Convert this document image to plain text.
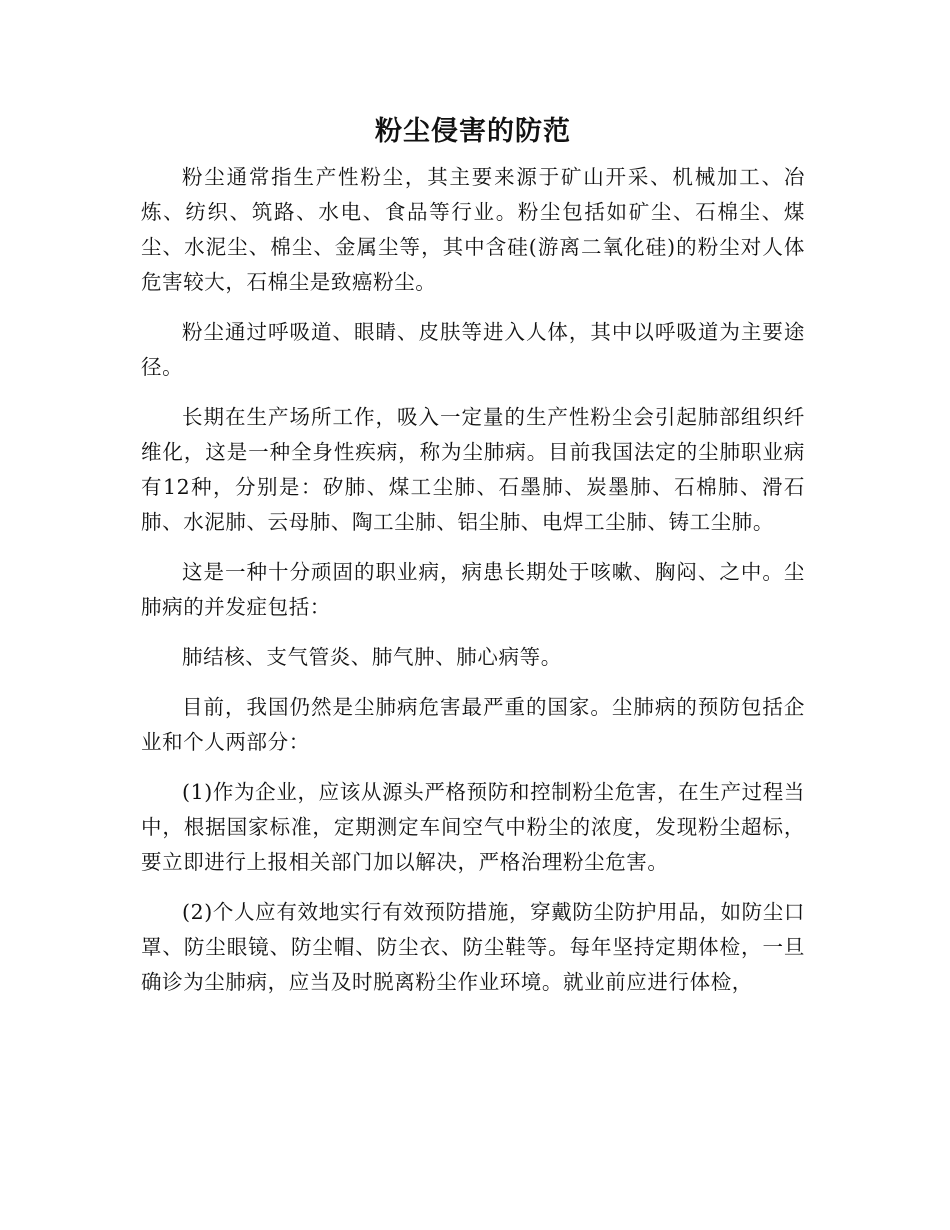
粉尘侵害的防范

粉尘通常指生产性粉尘，其主要来源于矿山开采、机械加工、冶炼、纺织、筑路、水电、食品等行业。粉尘包括如矿尘、石棉尘、煤尘、水泥尘、棉尘、金属尘等，其中含硅(游离二氧化硅)的粉尘对人体危害较大，石棉尘是致癌粉尘。

粉尘通过呼吸道、眼睛、皮肤等进入人体，其中以呼吸道为主要途径。

长期在生产场所工作，吸入一定量的生产性粉尘会引起肺部组织纤维化，这是一种全身性疾病，称为尘肺病。目前我国法定的尘肺职业病有12种，分别是：矽肺、煤工尘肺、石墨肺、炭墨肺、石棉肺、滑石肺、水泥肺、云母肺、陶工尘肺、铝尘肺、电焊工尘肺、铸工尘肺。

这是一种十分顽固的职业病，病患长期处于咳嗽、胸闷、之中。尘肺病的并发症包括：

肺结核、支气管炎、肺气肿、肺心病等。

目前，我国仍然是尘肺病危害最严重的国家。尘肺病的预防包括企业和个人两部分：

(1)作为企业，应该从源头严格预防和控制粉尘危害，在生产过程当中，根据国家标准，定期测定车间空气中粉尘的浓度，发现粉尘超标，要立即进行上报相关部门加以解决，严格治理粉尘危害。

(2)个人应有效地实行有效预防措施，穿戴防尘防护用品，如防尘口罩、防尘眼镜、防尘帽、防尘衣、防尘鞋等。每年坚持定期体检，一旦确诊为尘肺病，应当及时脱离粉尘作业环境。就业前应进行体检，
